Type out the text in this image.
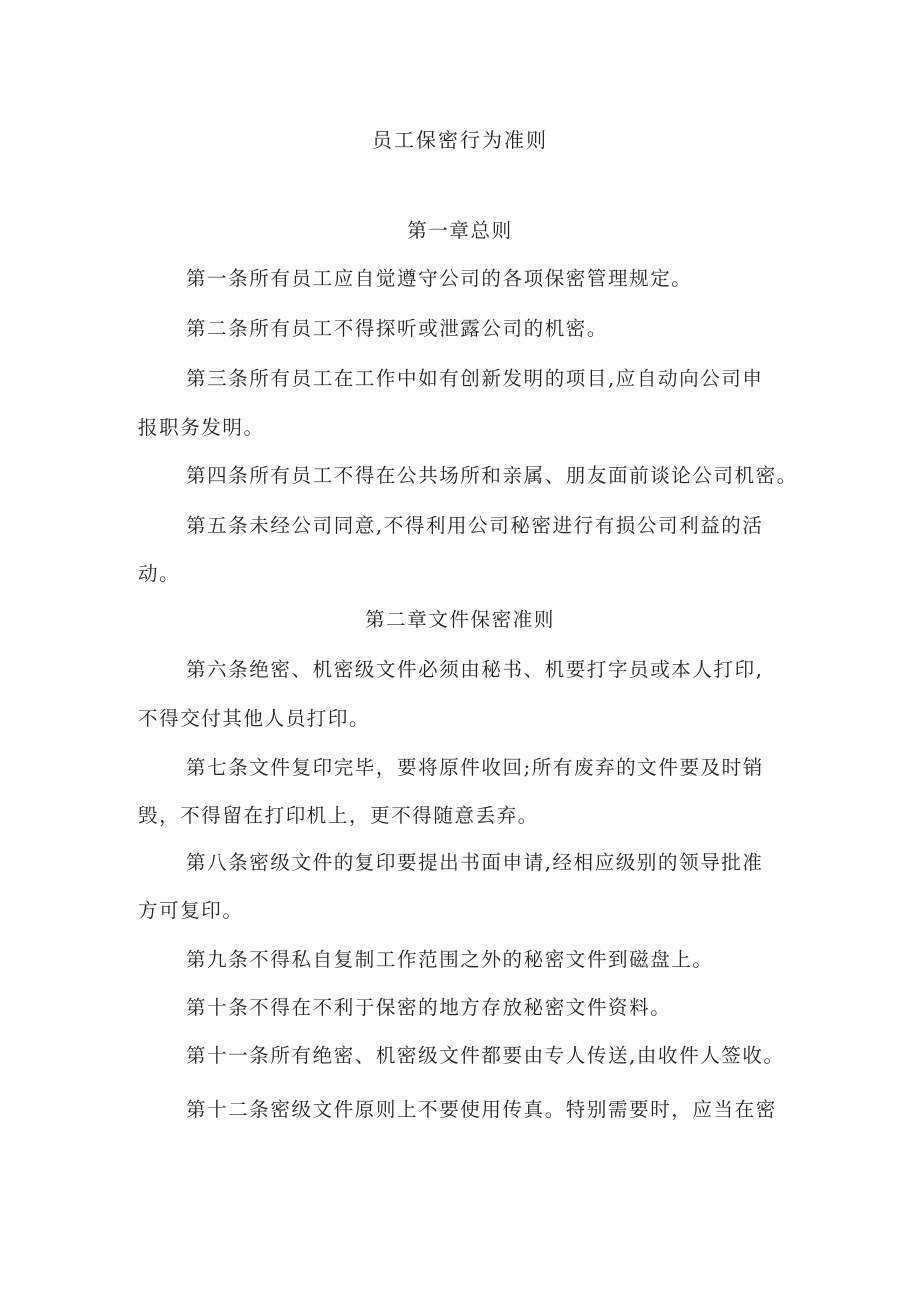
员工保密行为准则

第一章总则

第一条所有员工应自觉遵守公司的各项保密管理规定。

第二条所有员工不得探听或泄露公司的机密。

第三条所有员工在工作中如有创新发明的项目,应自动向公司申

报职务发明。

第四条所有员工不得在公共场所和亲属、朋友面前谈论公司机密。

第五条未经公司同意,不得利用公司秘密进行有损公司利益的活

动。

第二章文件保密准则

第六条绝密、机密级文件必须由秘书、机要打字员或本人打印,

不得交付其他人员打印。

第七条文件复印完毕，要将原件收回;所有废弃的文件要及时销

毁，不得留在打印机上，更不得随意丢弃。

第八条密级文件的复印要提出书面申请,经相应级别的领导批准

方可复印。

第九条不得私自复制工作范围之外的秘密文件到磁盘上。

第十条不得在不利于保密的地方存放秘密文件资料。

第十一条所有绝密、机密级文件都要由专人传送,由收件人签收。

第十二条密级文件原则上不要使用传真。特别需要时，应当在密
